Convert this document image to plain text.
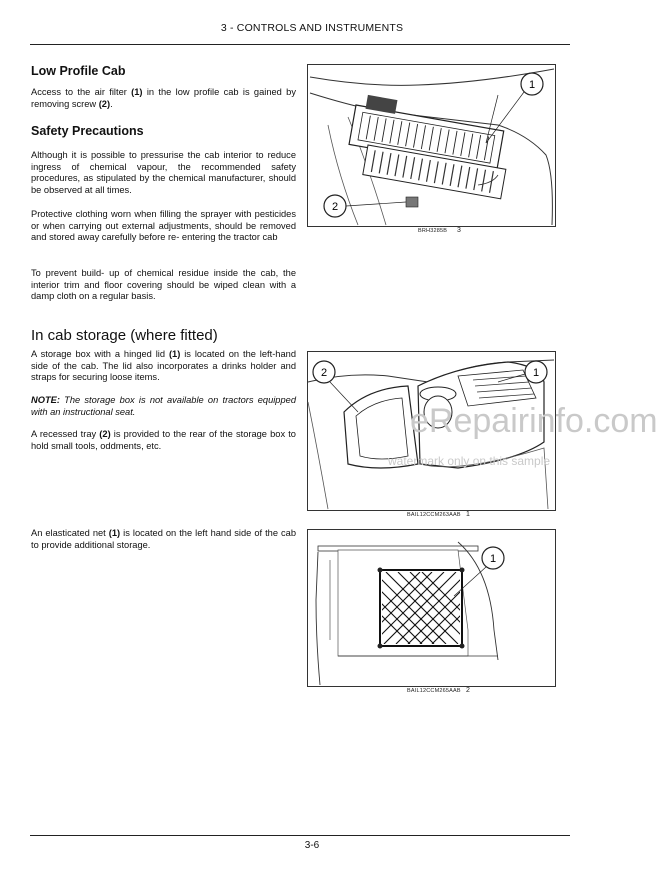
3 - CONTROLS AND INSTRUMENTS
Low Profile Cab
Access to the air filter (1) in the low profile cab is gained by removing screw (2).
Safety Precautions
Although it is possible to pressurise the cab interior to reduce ingress of chemical vapour, the recommended safety procedures, as stipulated by the chemical manufacturer, should be observed at all times.
Protective clothing worn when filling the sprayer with pesticides or when carrying out external adjustments, should be removed and stored away carefully before re- entering the tractor cab
To prevent build- up of chemical residue inside the cab, the interior trim and floor covering should be wiped clean with a damp cloth on a regular basis.
In cab storage (where fitted)
A storage box with a hinged lid (1) is located on the left-hand side of the cab. The lid also incorporates a drinks holder and straps for securing loose items.
NOTE: The storage box is not available on tractors equipped with an instructional seat.
A recessed tray (2) is provided to the rear of the storage box to hold small tools, oddments, etc.
An elasticated net (1) is located on the left hand side of the cab to provide additional storage.
1
2
BRH3285B 3
2	1
BAIL12CCM263AAB 1
1
BAIL12CCM265AAB 2
eRepairinfo.com
watermark only on this sample
3-6
